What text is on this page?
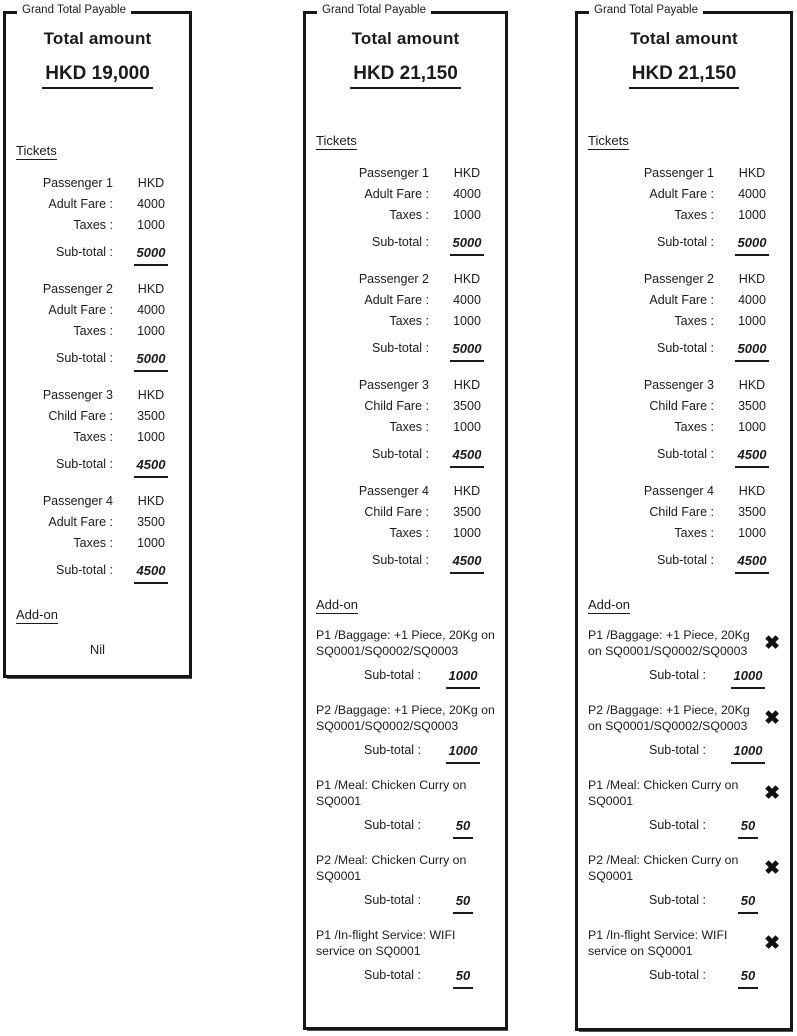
Grand Total Payable
Total amount
HKD 19,000
Tickets
Passenger 1	HKD
Adult Fare :	4000
Taxes :	1000
Sub-total :	5000
Passenger 2	HKD
Adult Fare :	4000
Taxes :	1000
Sub-total :	5000
Passenger 3	HKD
Child Fare :	3500
Taxes :	1000
Sub-total :	4500
Passenger 4	HKD
Adult Fare :	3500
Taxes :	1000
Sub-total :	4500
Add-on
Nil
Grand Total Payable
Total amount
HKD 21,150
Tickets
Passenger 1	HKD
Adult Fare :	4000
Taxes :	1000
Sub-total :	5000
Passenger 2	HKD
Adult Fare :	4000
Taxes :	1000
Sub-total :	5000
Passenger 3	HKD
Child Fare :	3500
Taxes :	1000
Sub-total :	4500
Passenger 4	HKD
Child Fare :	3500
Taxes :	1000
Sub-total :	4500
Add-on
P1 /Baggage: +1 Piece, 20Kg on SQ0001/SQ0002/SQ0003
Sub-total :	1000
P2 /Baggage: +1 Piece, 20Kg on SQ0001/SQ0002/SQ0003
Sub-total :	1000
P1 /Meal: Chicken Curry on SQ0001
Sub-total :	50
P2 /Meal: Chicken Curry on SQ0001
Sub-total :	50
P1 /In-flight Service: WIFI service on SQ0001
Sub-total :	50
Grand Total Payable
Total amount
HKD 21,150
Tickets
Passenger 1	HKD
Adult Fare :	4000
Taxes :	1000
Sub-total :	5000
Passenger 2	HKD
Adult Fare :	4000
Taxes :	1000
Sub-total :	5000
Passenger 3	HKD
Child Fare :	3500
Taxes :	1000
Sub-total :	4500
Passenger 4	HKD
Child Fare :	3500
Taxes :	1000
Sub-total :	4500
Add-on
P1 /Baggage: +1 Piece, 20Kg on SQ0001/SQ0002/SQ0003 ✖
Sub-total :	1000
P2 /Baggage: +1 Piece, 20Kg on SQ0001/SQ0002/SQ0003 ✖
Sub-total :	1000
P1 /Meal: Chicken Curry on SQ0001	✖
Sub-total :	50
P2 /Meal: Chicken Curry on SQ0001	✖
Sub-total :	50
P1 /In-flight Service: WIFI service on SQ0001	✖
Sub-total :	50
